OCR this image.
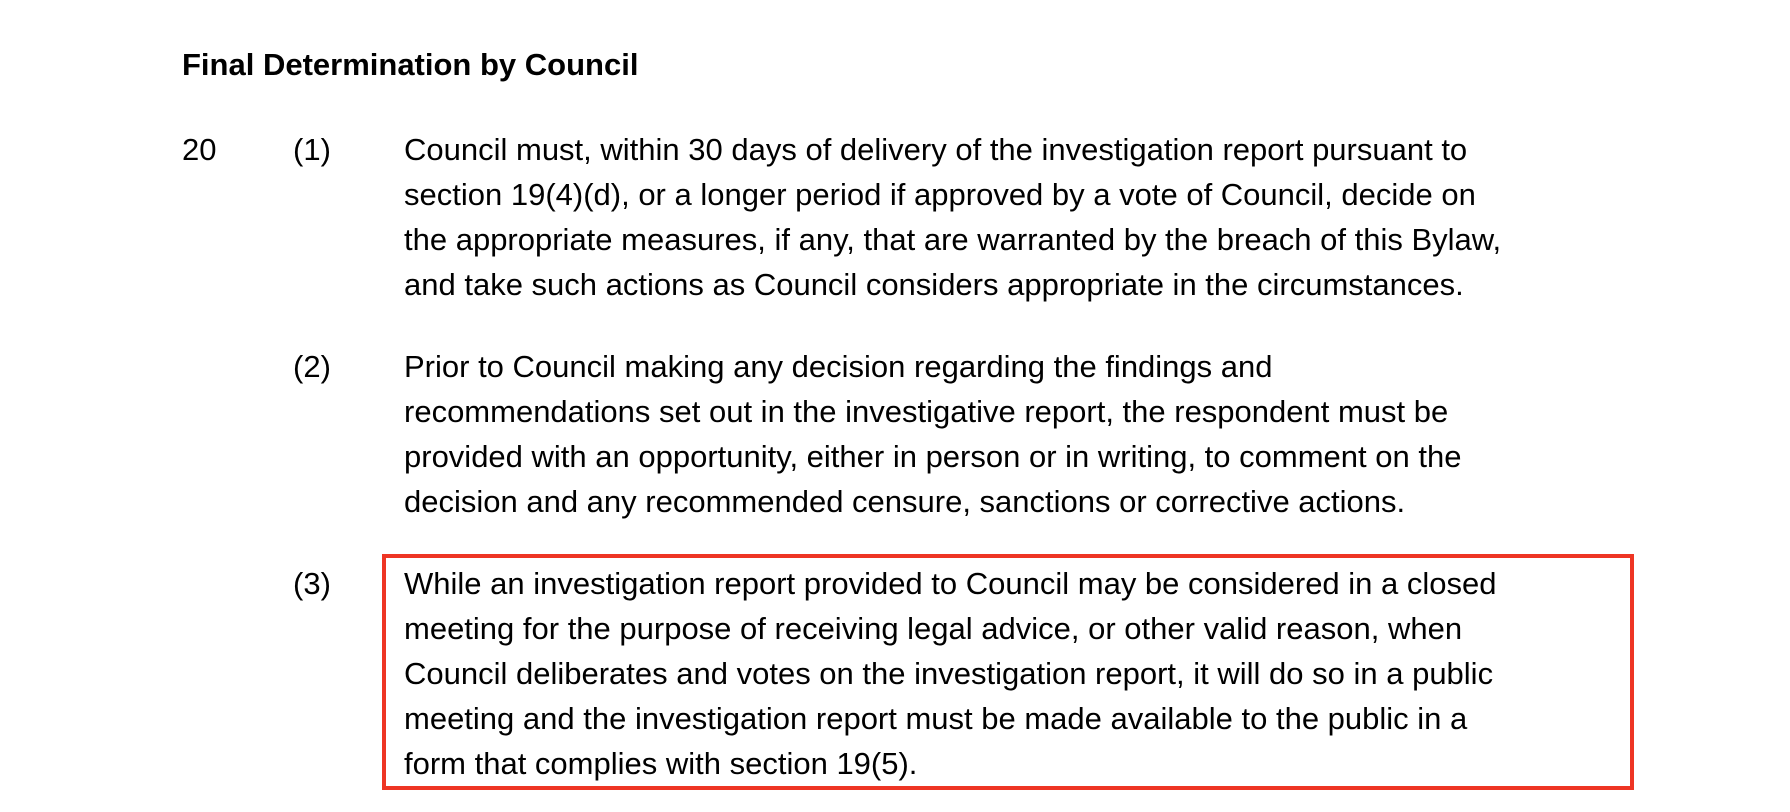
Final Determination by Council
20 (1) Council must, within 30 days of delivery of the investigation report pursuant to
section 19(4)(d), or a longer period if approved by a vote of Council, decide on
the appropriate measures, if any, that are warranted by the breach of this Bylaw,
and take such actions as Council considers appropriate in the circumstances.
(2) Prior to Council making any decision regarding the findings and
recommendations set out in the investigative report, the respondent must be
provided with an opportunity, either in person or in writing, to comment on the
decision and any recommended censure, sanctions or corrective actions.
(3) While an investigation report provided to Council may be considered in a closed
meeting for the purpose of receiving legal advice, or other valid reason, when
Council deliberates and votes on the investigation report, it will do so in a public
meeting and the investigation report must be made available to the public in a
form that complies with section 19(5).
